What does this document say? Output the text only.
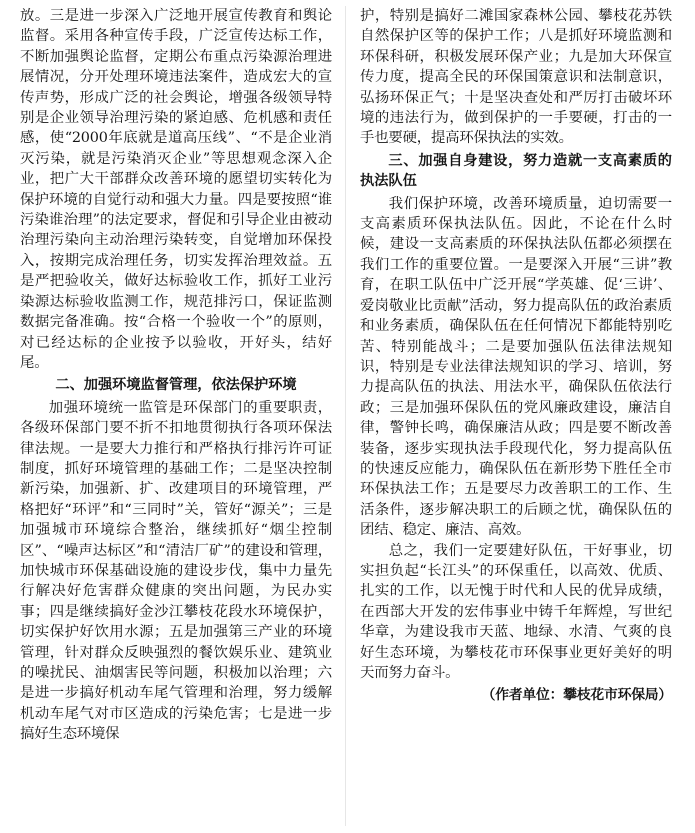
放。三是进一步深入广泛地开展宣传教育和舆论监督。采用各种宣传手段，广泛宣传达标工作，不断加强舆论监督，定期公布重点污染源治理进展情况，分开处理环境违法案件，造成宏大的宣传声势，形成广泛的社会舆论，增强各级领导特别是企业领导治理污染的紧迫感、危机感和责任感，使“2000年底就是道高压线”、“不是企业消灭污染，就是污染消灭企业”等思想观念深入企业，把广大干部群众改善环境的愿望切实转化为保护环境的自觉行动和强大力量。四是要按照“谁污染谁治理”的法定要求，督促和引导企业由被动治理污染向主动治理污染转变，自觉增加环保投入，按期完成治理任务，切实发挥治理效益。五是严把验收关，做好达标验收工作，抓好工业污染源达标验收监测工作，规范排污口，保证监测数据完备准确。按“合格一个验收一个”的原则，对已经达标的企业按予以验收，开好头，结好尾。

二、加强环境监督管理，依法保护环境

加强环境统一监管是环保部门的重要职责，各级环保部门要不折不扣地贯彻执行各项环保法律法规。一是要大力推行和严格执行排污许可证制度，抓好环境管理的基础工作；二是坚决控制新污染，加强新、扩、改建项目的环境管理，严格把好“环评”和“三同时”关，管好“源关”；三是加强城市环境综合整治，继续抓好“烟尘控制区”、“噪声达标区”和“清洁厂矿”的建设和管理，加快城市环保基础设施的建设步伐，集中力量先行解决好危害群众健康的突出问题，为民办实事；四是继续搞好金沙江攀枝花段水环境保护，切实保护好饮用水源；五是加强第三产业的环境管理，针对群众反映强烈的餐饮娱乐业、建筑业的噪扰民、油烟害民等问题，积极加以治理；六是进一步搞好机动车尾气管理和治理，努力缓解机动车尾气对市区造成的污染危害；七是进一步搞好生态环境保

护，特别是搞好二滩国家森林公园、攀枝花苏铁自然保护区等的保护工作；八是抓好环境监测和环保科研，积极发展环保产业；九是加大环保宣传力度，提高全民的环保国策意识和法制意识，弘扬环保正气；十是坚决查处和严厉打击破坏环境的违法行为，做到保护的一手要硬，打击的一手也要硬，提高环保执法的实效。

三、加强自身建设，努力造就一支高素质的执法队伍

我们保护环境，改善环境质量，迫切需要一支高素质环保执法队伍。因此，不论在什么时候，建设一支高素质的环保执法队伍都必须摆在我们工作的重要位置。一是要深入开展“三讲”教育，在职工队伍中广泛开展“学英雄、促‘三讲’、爱岗敬业比贡献”活动，努力提高队伍的政治素质和业务素质，确保队伍在任何情况下都能特别吃苦、特别能战斗；二是要加强队伍法律法规知识，特别是专业法律法规知识的学习、培训，努力提高队伍的执法、用法水平，确保队伍依法行政；三是加强环保队伍的党风廉政建设，廉洁自律，警钟长鸣，确保廉洁从政；四是要不断改善装备，逐步实现执法手段现代化，努力提高队伍的快速反应能力，确保队伍在新形势下胜任全市环保执法工作；五是要尽力改善职工的工作、生活条件，逐步解决职工的后顾之忧，确保队伍的团结、稳定、廉洁、高效。

总之，我们一定要建好队伍，干好事业，切实担负起“长江头”的环保重任，以高效、优质、扎实的工作，以无愧于时代和人民的优异成绩，在西部大开发的宏伟事业中铸千年辉煌，写世纪华章，为建设我市天蓝、地绿、水清、气爽的良好生态环境，为攀枝花市环保事业更好美好的明天而努力奋斗。

（作者单位：攀枝花市环保局）
